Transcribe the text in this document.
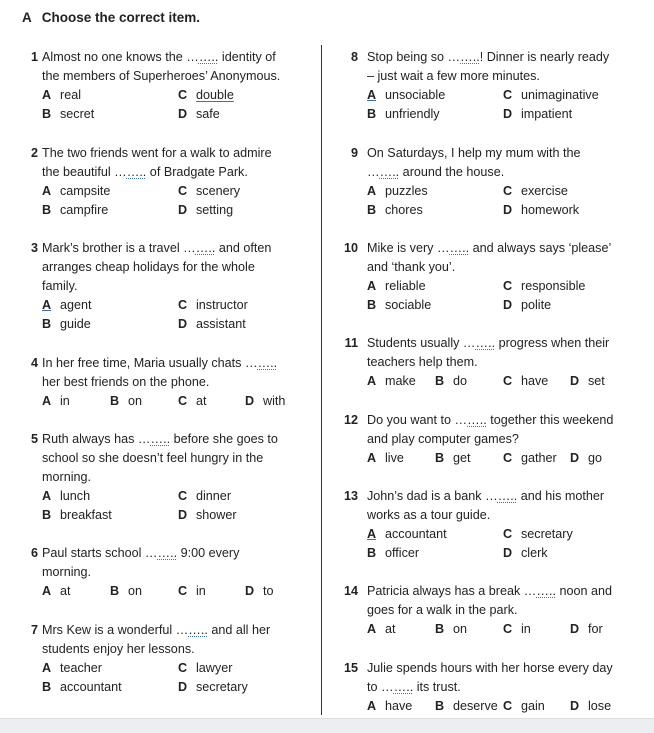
A Choose the correct item.
1 Almost no one knows the …….. identity of
the members of Superheroes’ Anonymous.
A real
B secret
C double
D safe
2 The two friends went for a walk to admire
the beautiful …….. of Bradgate Park.
A campsite
B campfire
C scenery
D setting
3 Mark’s brother is a travel …….. and often
arranges cheap holidays for the whole
family.
A agent
B guide
C instructor
D assistant
4 In her free time, Maria usually chats ……..
her best friends on the phone.
A in	B on	C at	D with
5 Ruth always has …….. before she goes to
school so she doesn’t feel hungry in the
morning.
A lunch
B breakfast
C dinner
D shower
6 Paul starts school …….. 9:00 every
morning.
A at	B on	C in	D to
7 Mrs Kew is a wonderful …….. and all her
students enjoy her lessons.
A teacher
B accountant
C lawyer
D secretary
8 Stop being so ……..! Dinner is nearly ready
– just wait a few more minutes.
A unsociable
B unfriendly
C unimaginative
D impatient
9 On Saturdays, I help my mum with the
…….. around the house.
A puzzles
B chores
C exercise
D homework
10 Mike is very …….. and always says ‘please’
and ‘thank you’.
A reliable
B sociable
C responsible
D polite
11 Students usually …….. progress when their
teachers help them.
A make B do	C have D set
12 Do you want to …….. together this weekend
and play computer games?
A live B get	C gather D go
13 John’s dad is a bank …….. and his mother
works as a tour guide.
A accountant
B officer
C secretary
D clerk
14 Patricia always has a break …….. noon and
goes for a walk in the park.
A at	B on	C in	D for
15 Julie spends hours with her horse every day
to …….. its trust.
A have B deserve C gain D lose
